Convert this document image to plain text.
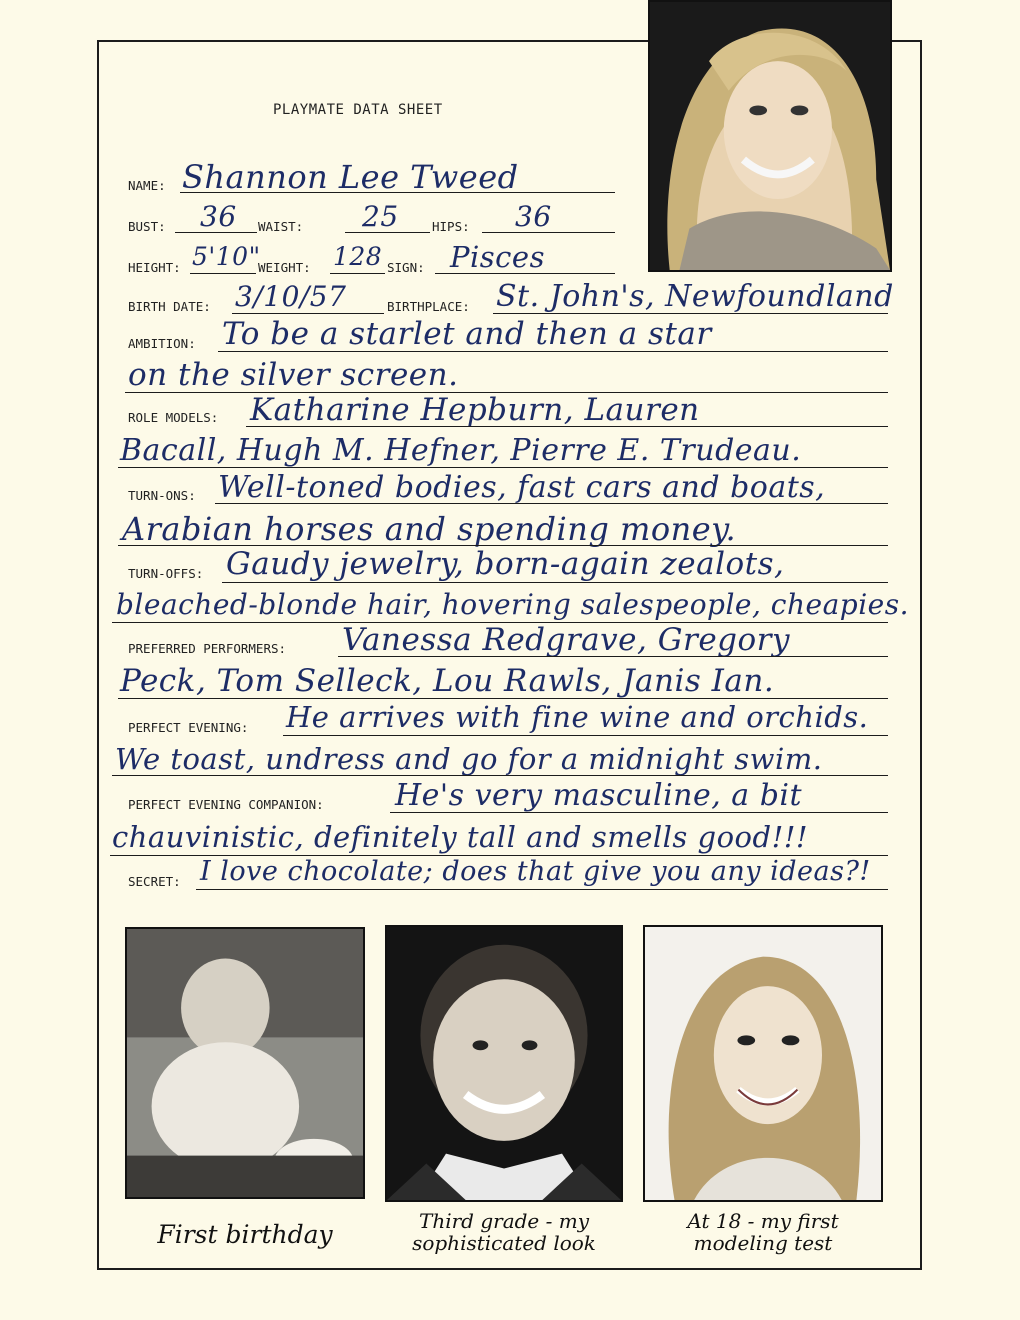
PLAYMATE DATA SHEET
NAME: Shannon Lee Tweed
BUST: 36 WAIST: 25	HIPS: 36
HEIGHT: 5'10"
WEIGHT: 128 SIGN: Pisces
BIRTH DATE: 3/10/57	BIRTHPLACE: St. John's, Newfoundland
AMBITION: To be a starlet and then a star
on the silver screen.
ROLE MODELS: Katharine Hepburn, Lauren
Bacall, Hugh M. Hefner, Pierre E. Trudeau.
TURN-ONS: Well-toned bodies, fast cars and boats,
Arabian horses and spending money.
TURN-OFFS: Gaudy jewelry, born-again zealots,
bleached-blonde hair, hovering salespeople, cheapies.
PREFERRED PERFORMERS: Vanessa Redgrave, Gregory
Peck, Tom Selleck, Lou Rawls, Janis Ian.
PERFECT EVENING: He arrives with fine wine and orchids.
We toast, undress and go for a midnight swim.
PERFECT EVENING COMPANION: He's very masculine, a bit
chauvinistic, definitely tall and smells good!!!
SECRET: I love chocolate; does that give you any ideas?!
First birthday	Third grade - my
sophisticated look
At 18 - my first
modeling test
